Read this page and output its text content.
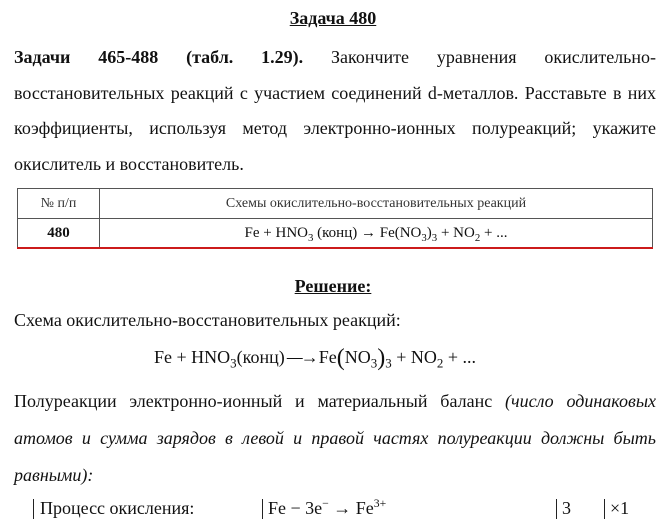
Задача 480

Задачи 465-488 (табл. 1.29). Закончите уравнения окислительно-восстановительных реакций с участием соединений d-металлов. Расставьте в них коэффициенты, используя метод электронно-ионных полуреакций; укажите окислитель и восстановитель.

№ п/п	Схемы окислительно-восстановительных реакций
480	$Fe + HNO_3$ (конц) → $Fe(NO_3)_3 + NO_2$ + ...
Решение:
Схема окислительно-восстановительных реакций:
$Fe + HNO_3(конц)$ ⎯⎯→ $Fe(NO_3)_3 + NO_2$ + ...

Полуреакции электронно-ионный и материальный баланс (число одинаковых атомов и сумма зарядов в левой и правой частях полуреакции должны быть равными):

Процесс окисления:	$Fe - 3e^- \to Fe^{3+}$	3 ×1
